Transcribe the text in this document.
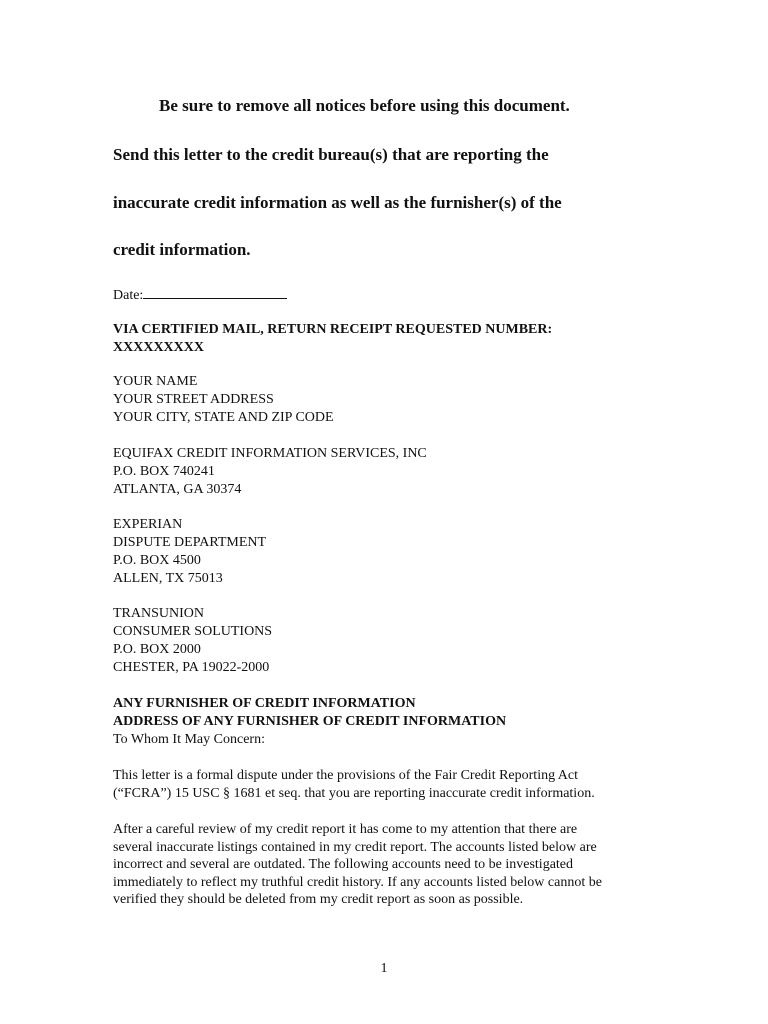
Be sure to remove all notices before using this document.
Send this letter to the credit bureau(s) that are reporting the
inaccurate credit information as well as the furnisher(s) of the
credit information.
Date:
VIA CERTIFIED MAIL, RETURN RECEIPT REQUESTED NUMBER:
XXXXXXXXX
YOUR NAME
YOUR STREET ADDRESS
YOUR CITY, STATE AND ZIP CODE
EQUIFAX CREDIT INFORMATION SERVICES, INC
P.O. BOX 740241
ATLANTA, GA 30374
EXPERIAN
DISPUTE DEPARTMENT
P.O. BOX 4500
ALLEN, TX 75013
TRANSUNION
CONSUMER SOLUTIONS
P.O. BOX 2000
CHESTER, PA 19022-2000
ANY FURNISHER OF CREDIT INFORMATION
ADDRESS OF ANY FURNISHER OF CREDIT INFORMATION
To Whom It May Concern:
This letter is a formal dispute under the provisions of the Fair Credit Reporting Act
(“FCRA”) 15 USC § 1681 et seq. that you are reporting inaccurate credit information.
After a careful review of my credit report it has come to my attention that there are
several inaccurate listings contained in my credit report. The accounts listed below are
incorrect and several are outdated. The following accounts need to be investigated
immediately to reflect my truthful credit history. If any accounts listed below cannot be
verified they should be deleted from my credit report as soon as possible.
1
